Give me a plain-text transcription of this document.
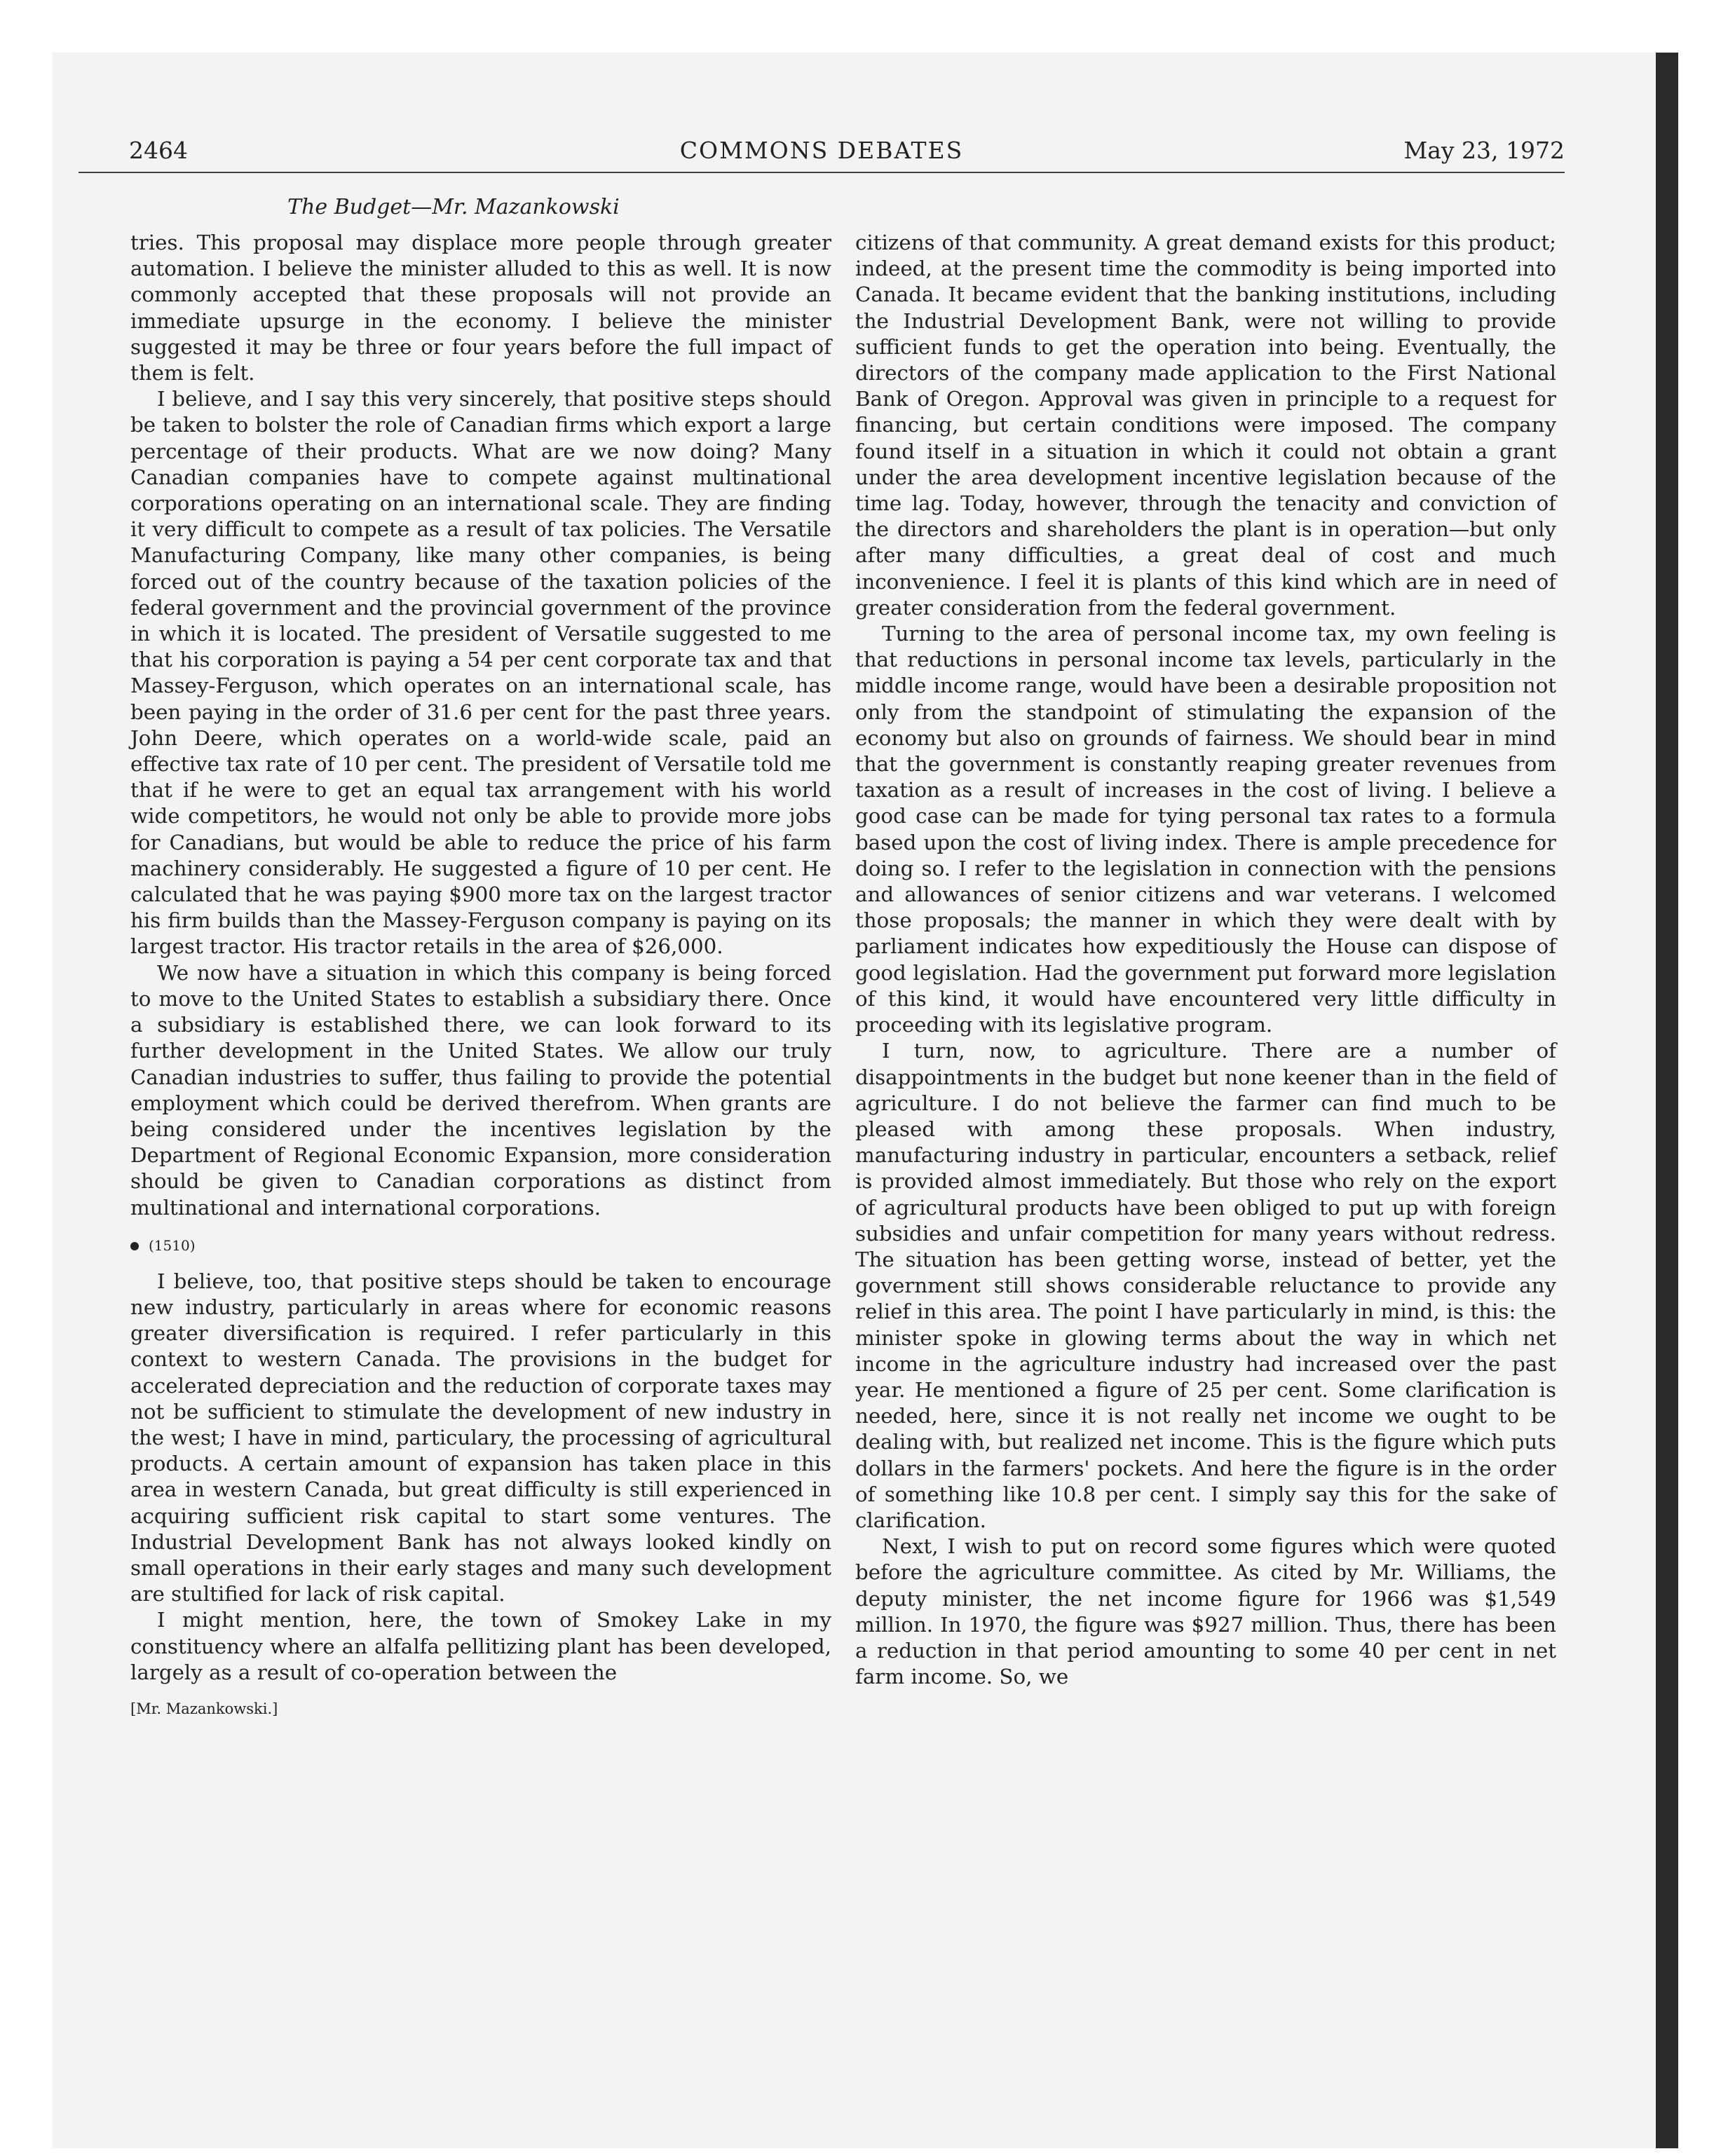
COMMONS DEBATES
2464	May 23, 1972
The Budget—Mr. Mazankowski

tries. This proposal may displace more people through greater automation. I believe the minister alluded to this as well. It is now commonly accepted that these proposals will not provide an immediate upsurge in the economy. I believe the minister suggested it may be three or four years before the full impact of them is felt.

I believe, and I say this very sincerely, that positive steps should be taken to bolster the role of Canadian firms which export a large percentage of their products. What are we now doing? Many Canadian companies have to compete against multinational corporations operating on an international scale. They are finding it very difficult to compete as a result of tax policies. The Versatile Manufacturing Company, like many other companies, is being forced out of the country because of the taxation policies of the federal government and the provincial government of the province in which it is located. The president of Versatile suggested to me that his corporation is paying a 54 per cent corporate tax and that Massey-Ferguson, which operates on an international scale, has been paying in the order of 31.6 per cent for the past three years. John Deere, which operates on a world-wide scale, paid an effective tax rate of 10 per cent. The president of Versatile told me that if he were to get an equal tax arrangement with his world wide competitors, he would not only be able to provide more jobs for Canadians, but would be able to reduce the price of his farm machinery considerably. He suggested a figure of 10 per cent. He calculated that he was paying $900 more tax on the largest tractor his firm builds than the Massey-Ferguson company is paying on its largest tractor. His tractor retails in the area of $26,000.

We now have a situation in which this company is being forced to move to the United States to establish a subsidiary there. Once a subsidiary is established there, we can look forward to its further development in the United States. We allow our truly Canadian industries to suffer, thus failing to provide the potential employment which could be derived therefrom. When grants are being considered under the incentives legislation by the Department of Regional Economic Expansion, more consideration should be given to Canadian corporations as distinct from multinational and international corporations.

(1510)

I believe, too, that positive steps should be taken to encourage new industry, particularly in areas where for economic reasons greater diversification is required. I refer particularly in this context to western Canada. The provisions in the budget for accelerated depreciation and the reduction of corporate taxes may not be sufficient to stimulate the development of new industry in the west; I have in mind, particulary, the processing of agricultural products. A certain amount of expansion has taken place in this area in western Canada, but great difficulty is still experienced in acquiring sufficient risk capital to start some ventures. The Industrial Development Bank has not always looked kindly on small operations in their early stages and many such development are stultified for lack of risk capital.

I might mention, here, the town of Smokey Lake in my constituency where an alfalfa pellitizing plant has been developed, largely as a result of co-operation between the

[Mr. Mazankowski.]

citizens of that community. A great demand exists for this product; indeed, at the present time the commodity is being imported into Canada. It became evident that the banking institutions, including the Industrial Development Bank, were not willing to provide sufficient funds to get the operation into being. Eventually, the directors of the company made application to the First National Bank of Oregon. Approval was given in principle to a request for financing, but certain conditions were imposed. The company found itself in a situation in which it could not obtain a grant under the area development incentive legislation because of the time lag. Today, however, through the tenacity and conviction of the directors and shareholders the plant is in operation—but only after many difficulties, a great deal of cost and much inconvenience. I feel it is plants of this kind which are in need of greater consideration from the federal government.

Turning to the area of personal income tax, my own feeling is that reductions in personal income tax levels, particularly in the middle income range, would have been a desirable proposition not only from the standpoint of stimulating the expansion of the economy but also on grounds of fairness. We should bear in mind that the government is constantly reaping greater revenues from taxation as a result of increases in the cost of living. I believe a good case can be made for tying personal tax rates to a formula based upon the cost of living index. There is ample precedence for doing so. I refer to the legislation in connection with the pensions and allowances of senior citizens and war veterans. I welcomed those proposals; the manner in which they were dealt with by parliament indicates how expeditiously the House can dispose of good legislation. Had the government put forward more legislation of this kind, it would have encountered very little difficulty in proceeding with its legislative program.

I turn, now, to agriculture. There are a number of disappointments in the budget but none keener than in the field of agriculture. I do not believe the farmer can find much to be pleased with among these proposals. When industry, manufacturing industry in particular, encounters a setback, relief is provided almost immediately. But those who rely on the export of agricultural products have been obliged to put up with foreign subsidies and unfair competition for many years without redress. The situation has been getting worse, instead of better, yet the government still shows considerable reluctance to provide any relief in this area. The point I have particularly in mind, is this: the minister spoke in glowing terms about the way in which net income in the agriculture industry had increased over the past year. He mentioned a figure of 25 per cent. Some clarification is needed, here, since it is not really net income we ought to be dealing with, but realized net income. This is the figure which puts dollars in the farmers' pockets. And here the figure is in the order of something like 10.8 per cent. I simply say this for the sake of clarification.

Next, I wish to put on record some figures which were quoted before the agriculture committee. As cited by Mr. Williams, the deputy minister, the net income figure for 1966 was $1,549 million. In 1970, the figure was $927 million. Thus, there has been a reduction in that period amounting to some 40 per cent in net farm income. So, we
